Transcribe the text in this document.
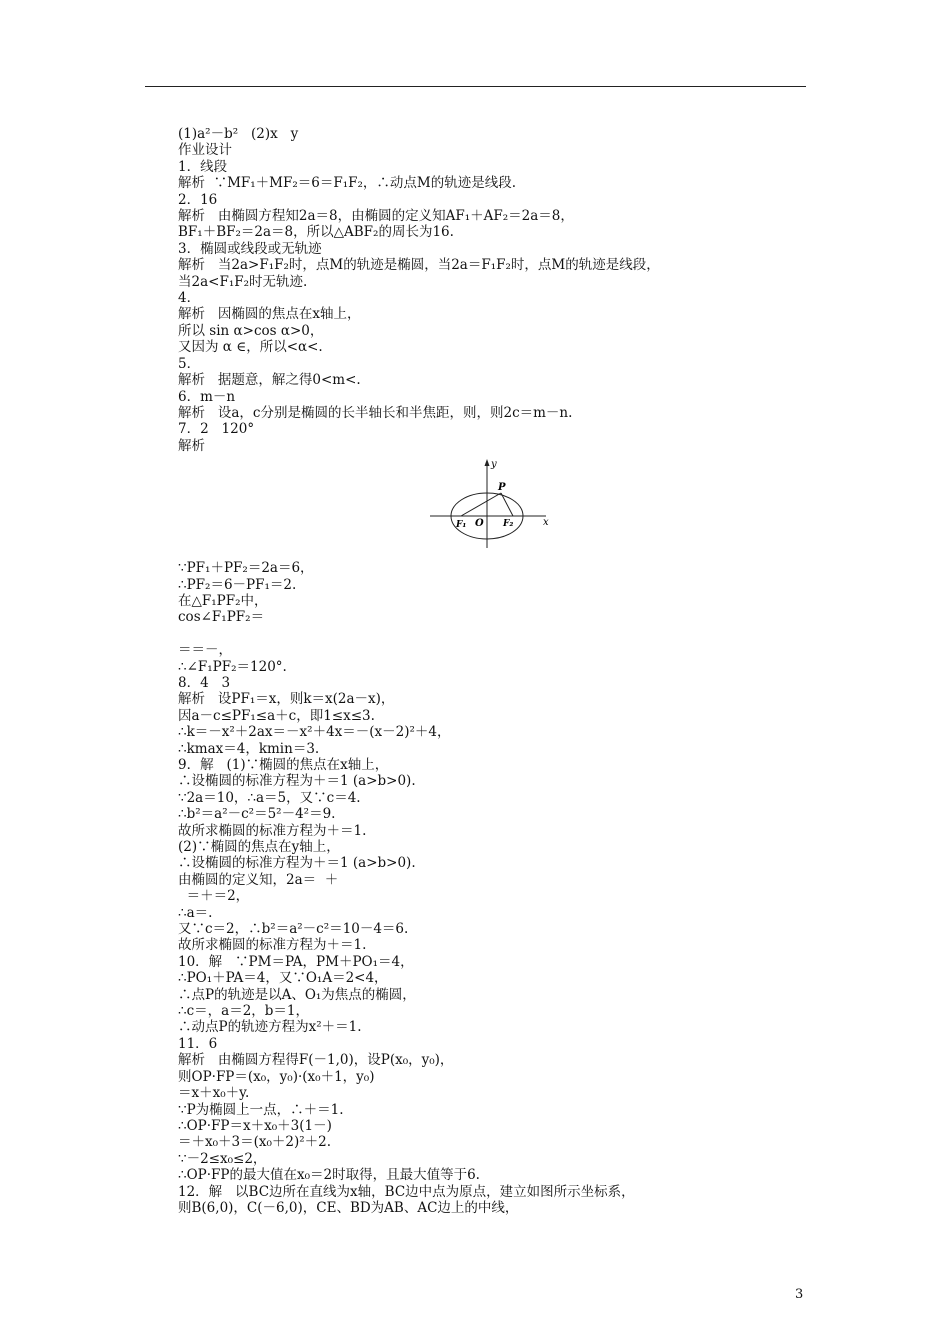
(1)a²－b²   (2)x   y
作业设计
1．线段
解析  ∵MF₁＋MF₂＝6＝F₁F₂，∴动点M的轨迹是线段.
2．16
解析   由椭圆方程知2a＝8，由椭圆的定义知AF₁＋AF₂＝2a＝8，
BF₁＋BF₂＝2a＝8，所以△ABF₂的周长为16.
3．椭圆或线段或无轨迹
解析   当2a>F₁F₂时，点M的轨迹是椭圆，当2a＝F₁F₂时，点M的轨迹是线段，
当2a<F₁F₂时无轨迹.
4．
解析   因椭圆的焦点在x轴上，
所以 sin α>cos α>0，
又因为 α ∈，所以<α<.
5．
解析   据题意，解之得0<m<.
6．m－n
解析   设a，c分别是椭圆的长半轴长和半焦距，则，则2c＝m－n.
7．2   120°
解析
y
x
P
F₁ O F₂
∵PF₁＋PF₂＝2a＝6，
∴PF₂＝6－PF₁＝2.
在△F₁PF₂中，
cos∠F₁PF₂＝
＝＝－，
∴∠F₁PF₂＝120°.
8．4   3
解析   设PF₁＝x，则k＝x(2a－x)，
因a－c≤PF₁≤a＋c，即1≤x≤3.
∴k＝－x²＋2ax＝－x²＋4x＝－(x－2)²＋4，
∴kmax＝4，kmin＝3.
9．解   (1)∵椭圆的焦点在x轴上，
∴设椭圆的标准方程为＋＝1 (a>b>0).
∵2a＝10，∴a＝5，又∵c＝4.
∴b²＝a²－c²＝5²－4²＝9.
故所求椭圆的标准方程为＋＝1.
(2)∵椭圆的焦点在y轴上，
∴设椭圆的标准方程为＋＝1 (a>b>0).
由椭圆的定义知，2a＝  ＋
＝＋＝2，
∴a＝.
又∵c＝2，∴b²＝a²－c²＝10－4＝6.
故所求椭圆的标准方程为＋＝1.
10．解   ∵PM＝PA，PM＋PO₁＝4，
∴PO₁＋PA＝4，又∵O₁A＝2<4，
∴点P的轨迹是以A、O₁为焦点的椭圆，
∴c＝，a＝2，b＝1，
∴动点P的轨迹方程为x²＋＝1.
11．6
解析   由椭圆方程得F(－1,0)，设P(x₀，y₀)，
则OP·FP＝(x₀，y₀)·(x₀＋1，y₀)
＝x＋x₀＋y.
∵P为椭圆上一点，∴＋＝1.
∴OP·FP＝x＋x₀＋3(1－)
＝＋x₀＋3＝(x₀＋2)²＋2.
∵－2≤x₀≤2，
∴OP·FP的最大值在x₀＝2时取得，且最大值等于6.
12．解   以BC边所在直线为x轴，BC边中点为原点，建立如图所示坐标系，
则B(6,0)，C(－6,0)，CE、BD为AB、AC边上的中线，
3
